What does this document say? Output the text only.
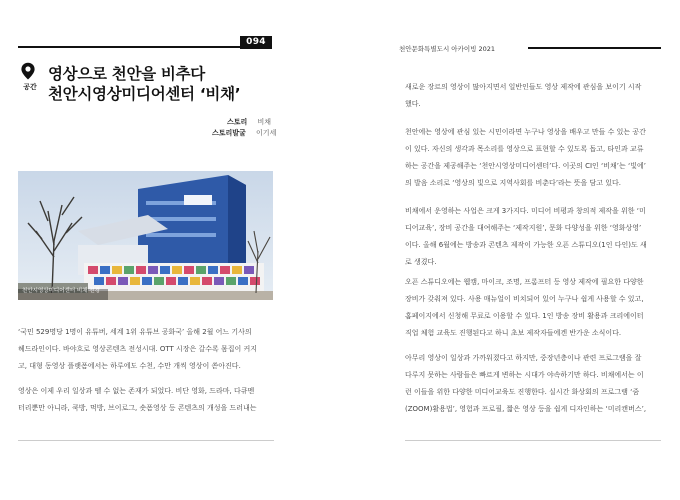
094
공간
영상으로 천안을 비추다
천안시영상미디어센터 ‘비채’
스토리 비채
스토리발굴 이기세
천안시영상미디어센터 비채 전경
‘국민 529명당 1명이 유튜버, 세계 1위 유튜브 공화국’ 올해 2월 어느 기사의
헤드라인이다. 바야흐로 영상콘텐츠 전성시대. OTT 시장은 갈수록 몸집이 커지
고, 대형 동영상 플랫폼에서는 하루에도 수천, 수만 개씩 영상이 쏟아진다.
영상은 이제 우리 일상과 뗄 수 없는 존재가 되었다. 비단 영화, 드라마, 다큐멘
터리뿐만 아니라, 쿡방, 먹방, 브이로그, 숏폼영상 등 콘텐츠의 개성을 드러내는
천안문화특별도시 아카이빙 2021
새로운 장르의 영상이 많아지면서 일반인들도 영상 제작에 관심을 보이기 시작
했다.
천안에는 영상에 관심 있는 시민이라면 누구나 영상을 배우고 만들 수 있는 공간
이 있다. 자신의 생각과 목소리를 영상으로 표현할 수 있도록 돕고, 타인과 교류
하는 공간을 제공해주는 ‘천안시영상미디어센터’다. 이곳의 CI인 ‘비채’는 ‘빛에’
의 발음 소리로 ‘영상의 빛으로 지역사회를 비춘다’라는 뜻을 담고 있다.
비채에서 운영하는 사업은 크게 3가지다. 미디어 비평과 창의적 제작을 위한 ‘미
디어교육’, 장비 공간을 대여해주는 ‘제작지원’, 문화 다양성을 위한 ‘영화상영’
이다. 올해 6월에는 방송과 콘텐츠 제작이 가능한 오픈 스튜디오(1인 다인)도 새
로 생겼다.
오픈 스튜디오에는 웹캠, 마이크, 조명, 프롬프터 등 영상 제작에 필요한 다양한
장비가 갖춰져 있다. 사용 매뉴얼이 비치되어 있어 누구나 쉽게 사용할 수 있고,
홈페이지에서 신청해 무료로 이용할 수 있다. 1인 방송 장비 활용과 크리에이터
직업 체험 교육도 진행된다고 하니 초보 제작자들에겐 반가운 소식이다.
아무리 영상이 일상과 가까워졌다고 하지만, 중장년층이나 관련 프로그램을 잘
다루지 못하는 사람들은 빠르게 변하는 시대가 야속하기만 하다. 비채에서는 이
런 이들을 위한 다양한 미디어교육도 진행한다. 실시간 화상회의 프로그램 ‘줌
(ZOOM)활용법’, 영험과 프로필, 짧은 영상 등을 쉽게 디자인하는 ‘미리캔버스’,
